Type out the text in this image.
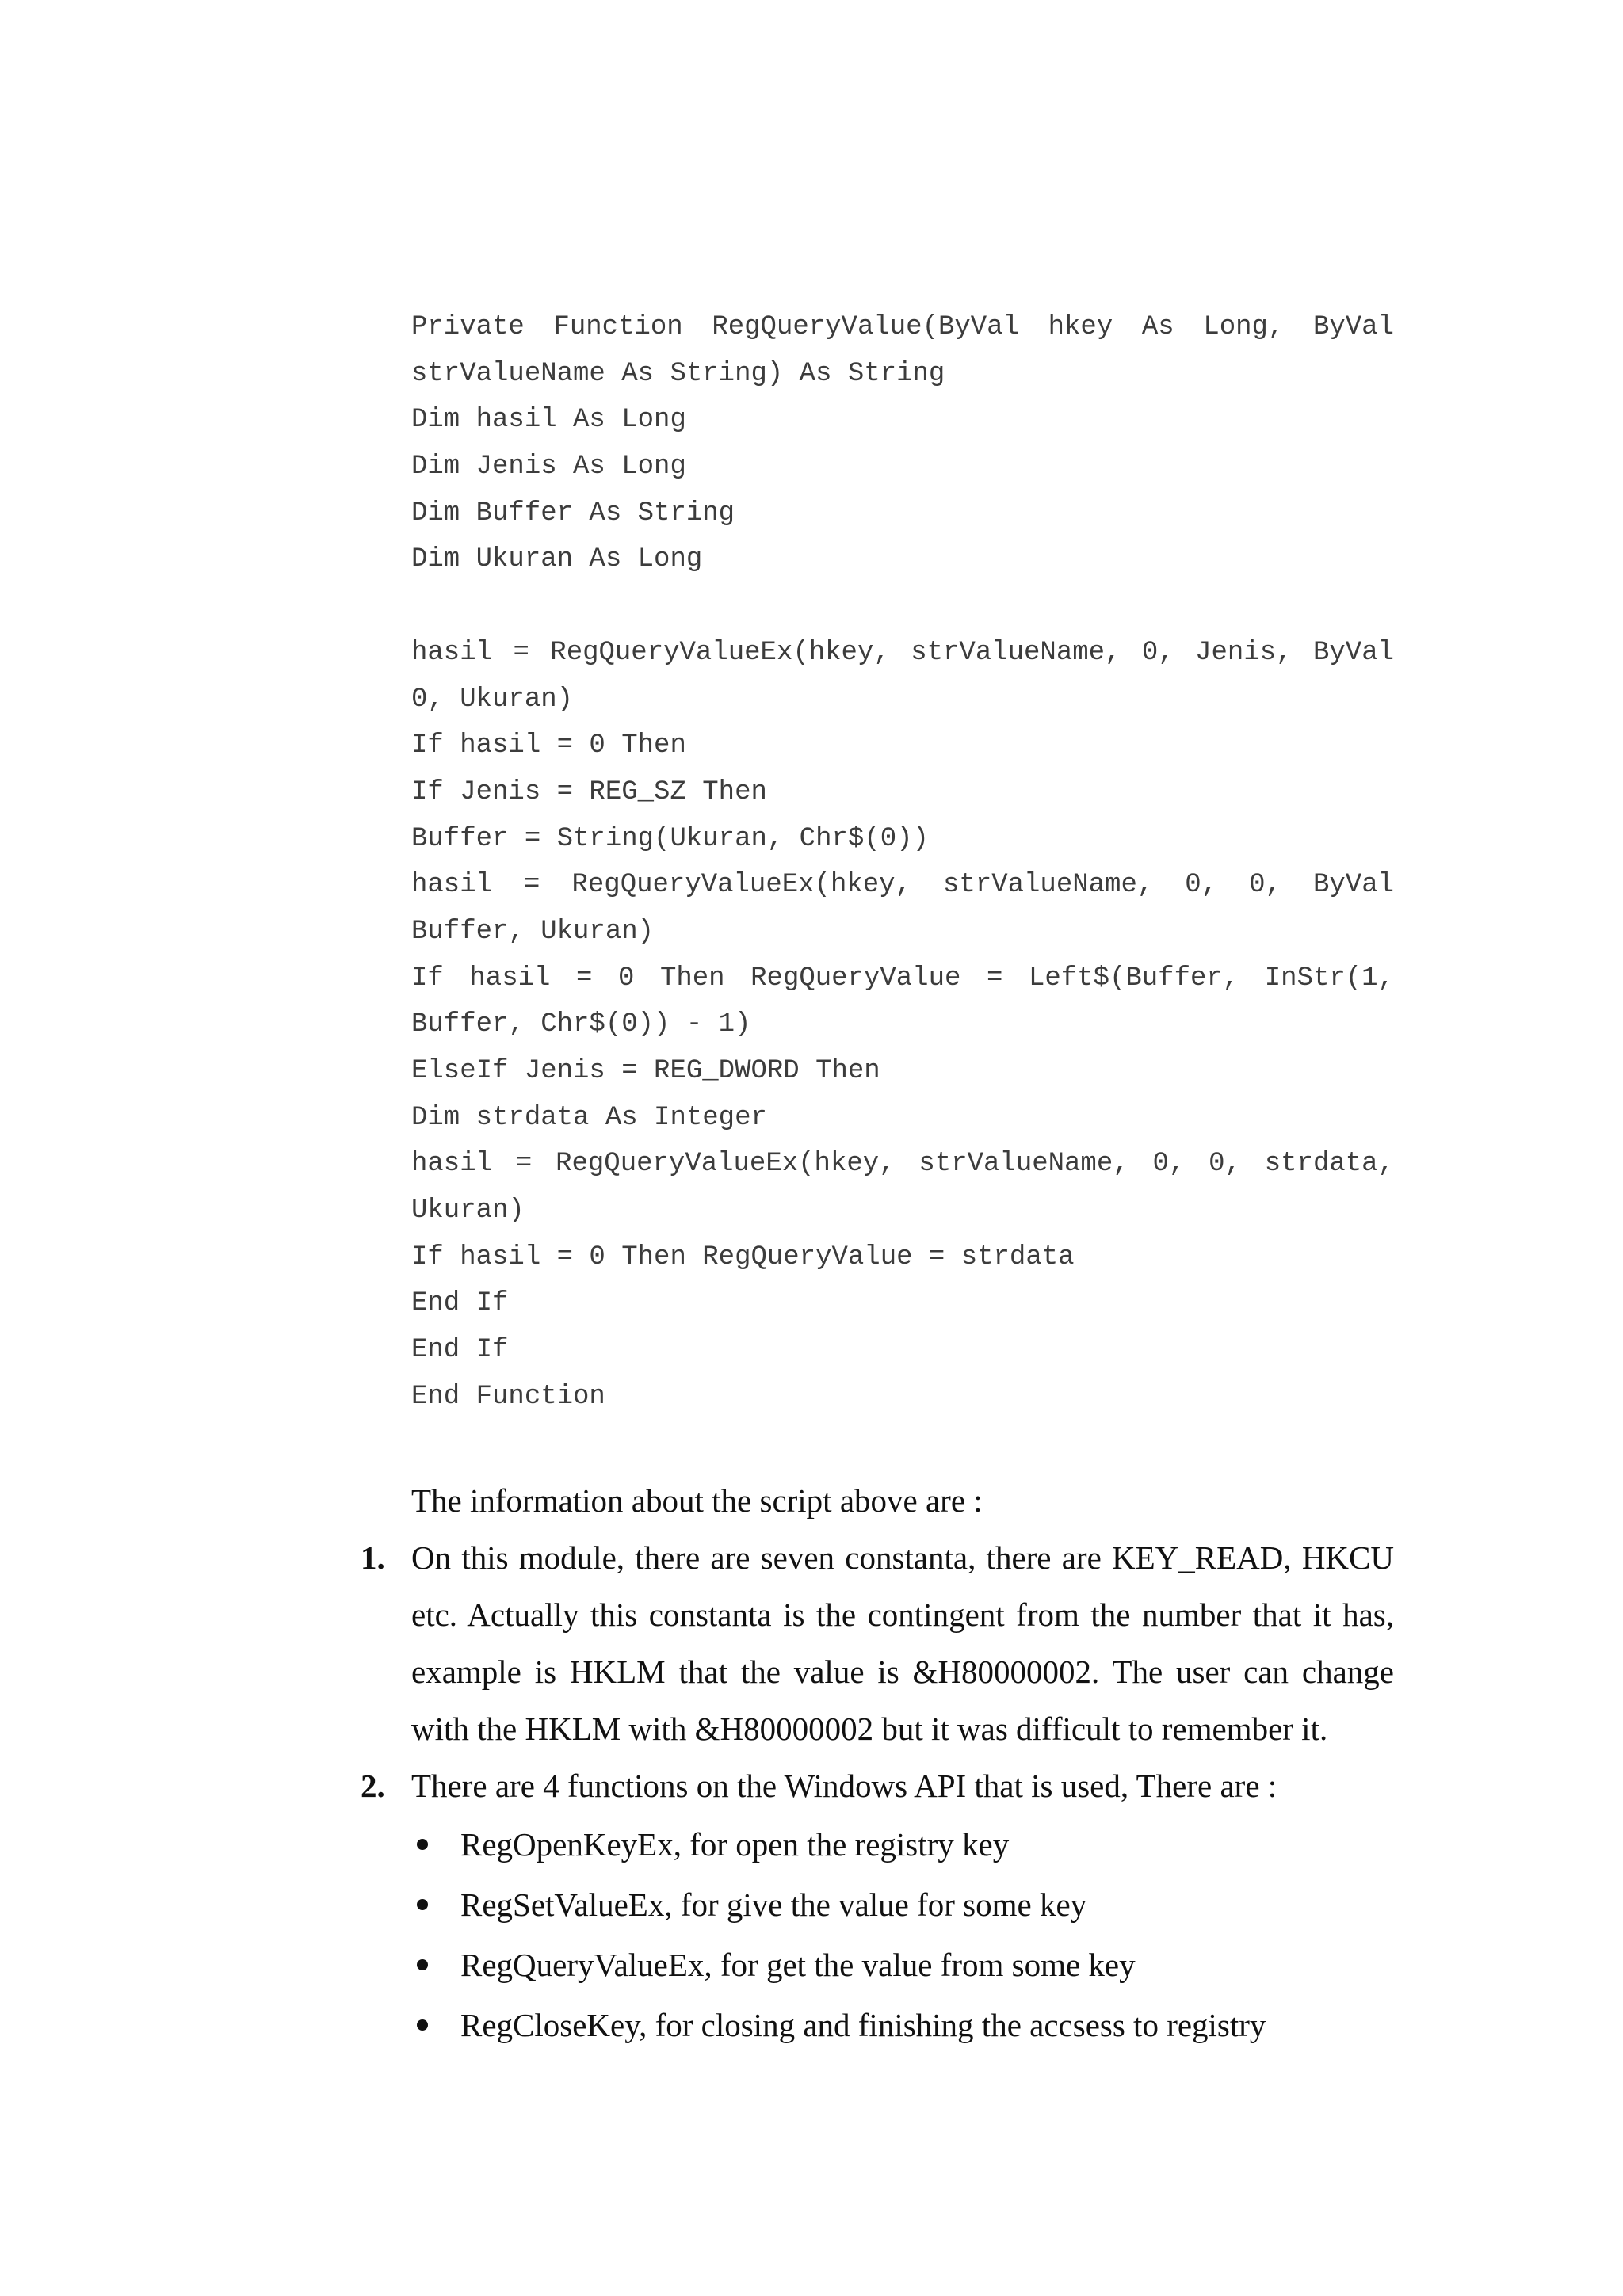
Private Function RegQueryValue(ByVal hkey As Long, ByVal
strValueName As String) As String
Dim hasil As Long
Dim Jenis As Long
Dim Buffer As String
Dim Ukuran As Long
hasil = RegQueryValueEx(hkey, strValueName, 0, Jenis, ByVal
0, Ukuran)
If hasil = 0 Then
If Jenis = REG_SZ Then
Buffer = String(Ukuran, Chr$(0))
hasil = RegQueryValueEx(hkey, strValueName, 0, 0, ByVal
Buffer, Ukuran)
If hasil = 0 Then RegQueryValue = Left$(Buffer, InStr(1,
Buffer, Chr$(0)) - 1)
ElseIf Jenis = REG_DWORD Then
Dim strdata As Integer
hasil = RegQueryValueEx(hkey, strValueName, 0, 0, strdata,
Ukuran)
If hasil = 0 Then RegQueryValue = strdata
End If
End If
End Function
The information about the script above are :
1. On this module, there are seven constanta, there are KEY_READ, HKCU etc. Actually this constanta is the contingent from the number that it has, example is HKLM that the value is &H80000002. The user can change with the HKLM with &H80000002 but it was difficult to remember it.
2. There are 4 functions on the Windows API that is used, There are :
RegOpenKeyEx, for open the registry key
RegSetValueEx, for give the value for some key
RegQueryValueEx, for get the value from some key
RegCloseKey, for closing and finishing the accsess to registry
